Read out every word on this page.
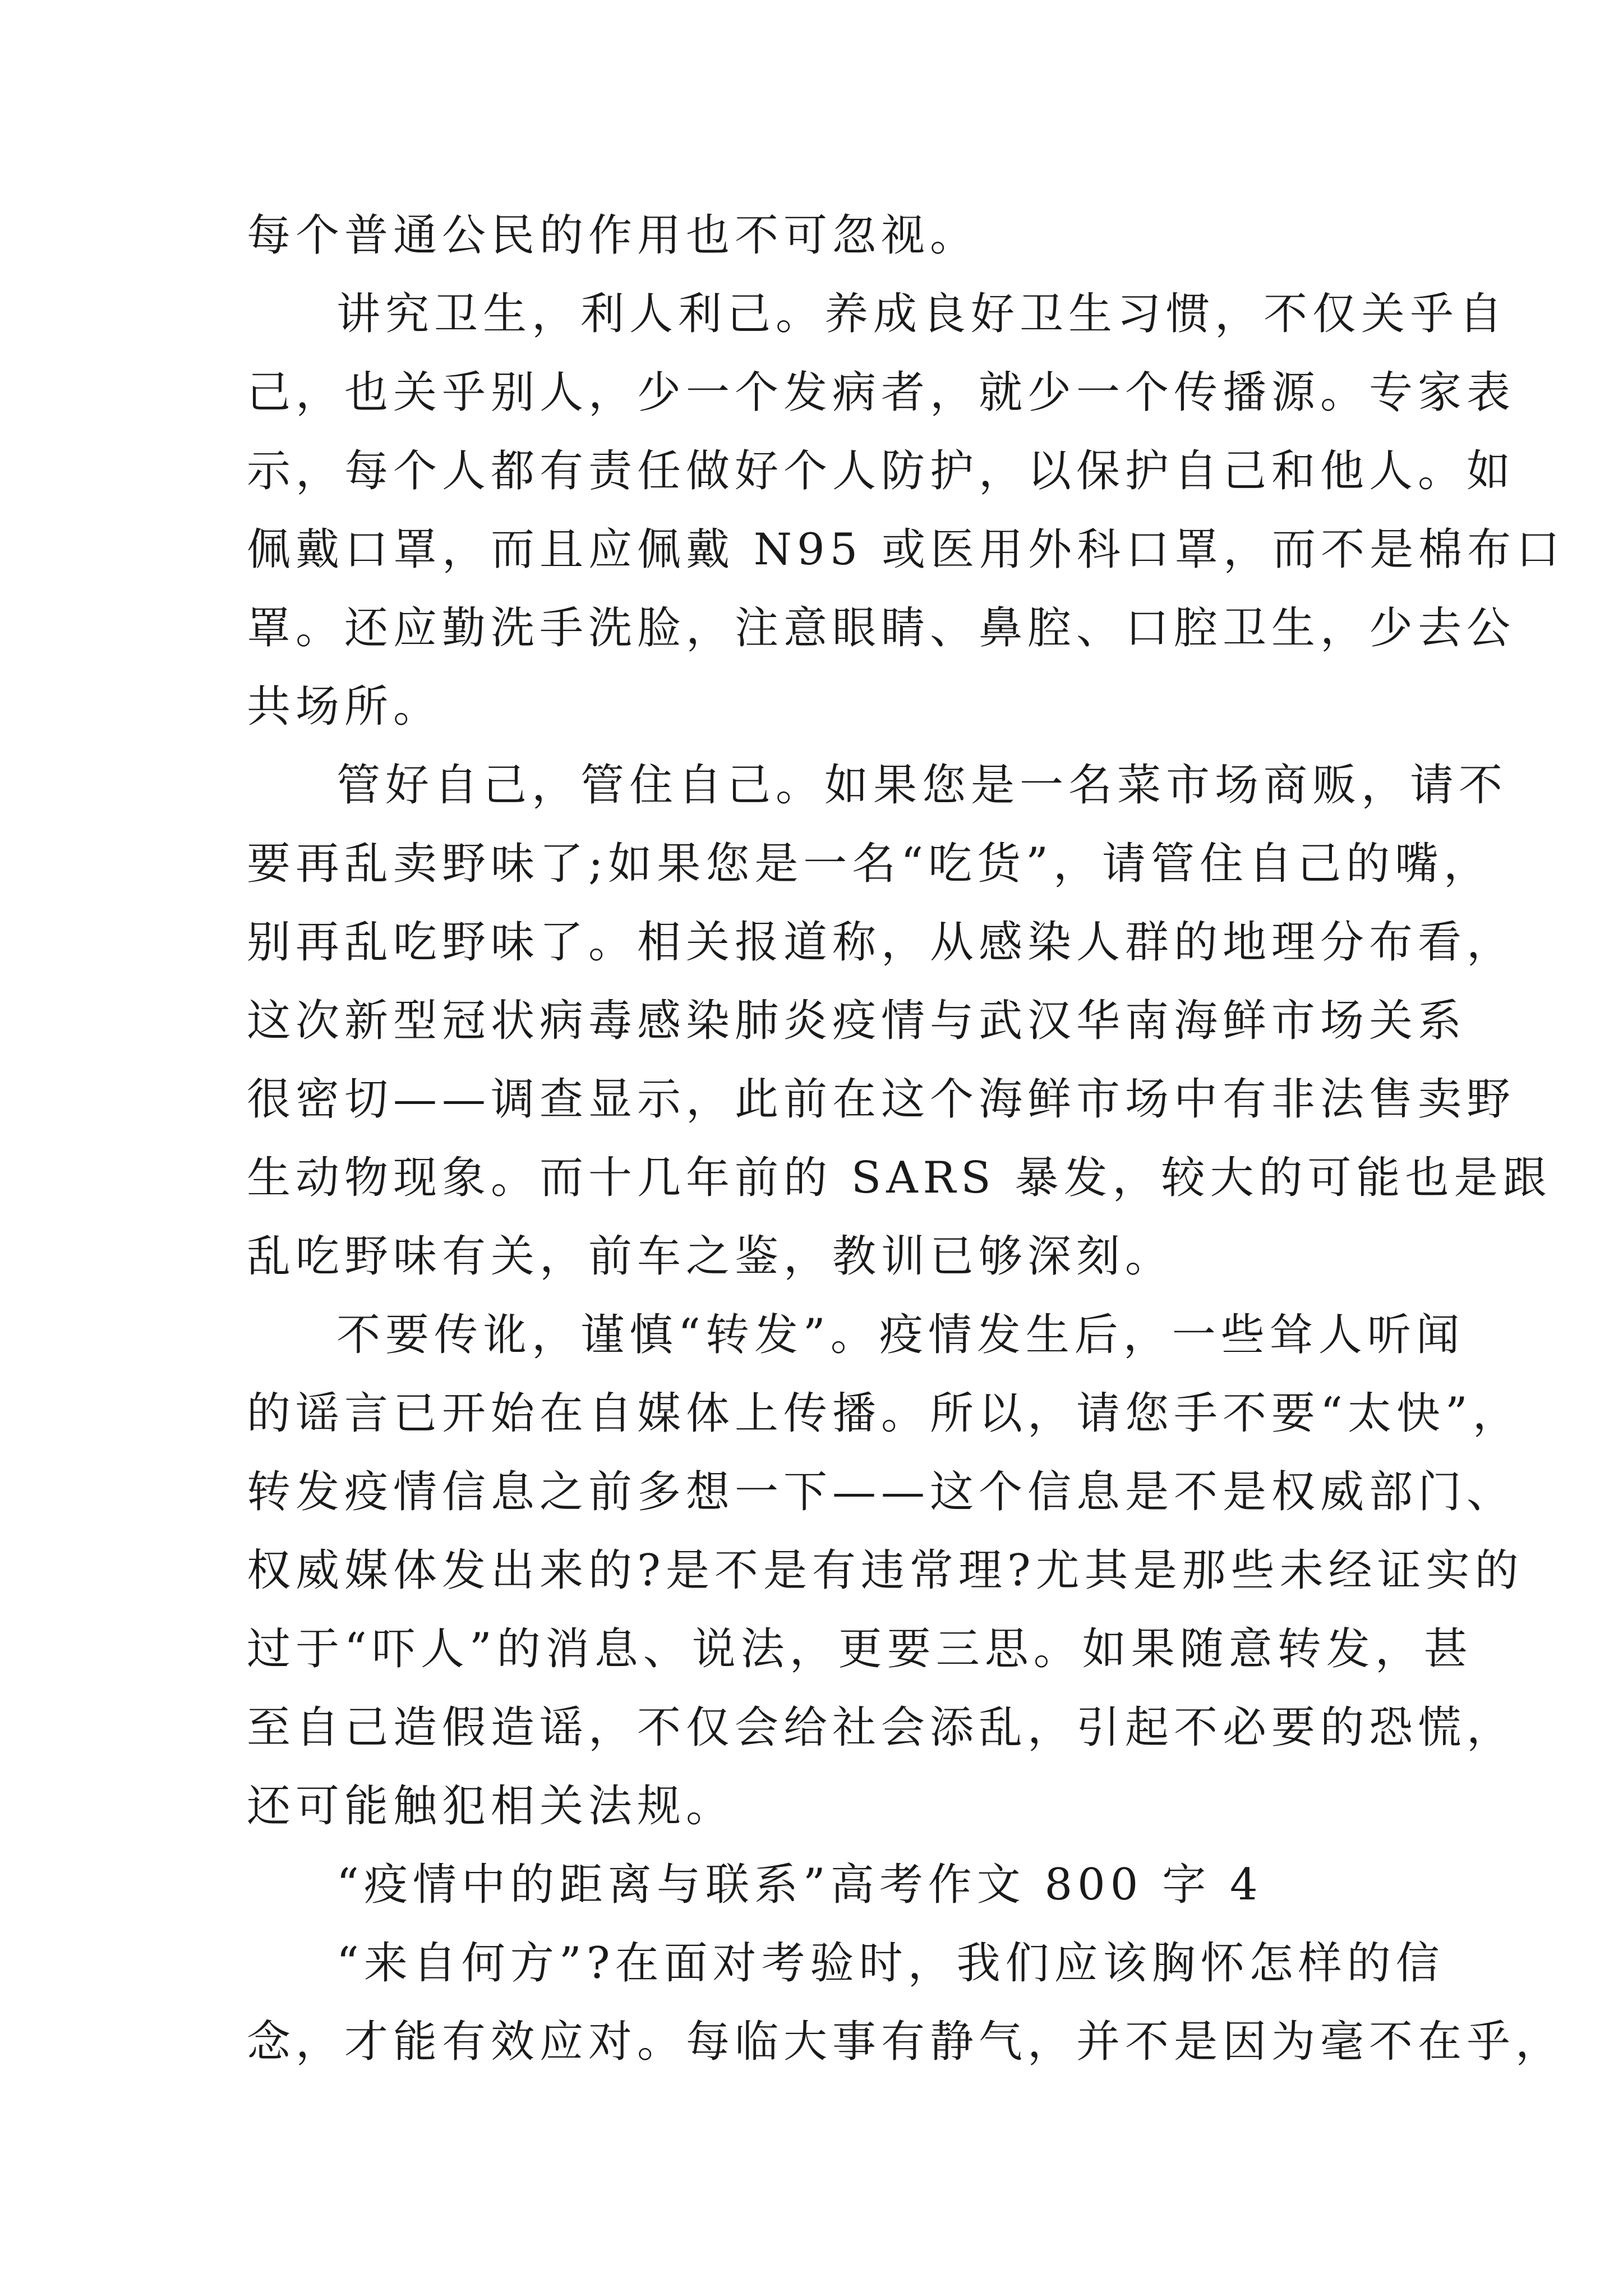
每个普通公民的作用也不可忽视。
讲究卫生，利人利己。养成良好卫生习惯，不仅关乎自
己，也关乎别人，少一个发病者，就少一个传播源。专家表
示，每个人都有责任做好个人防护，以保护自己和他人。如
佩戴口罩，而且应佩戴 N95 或医用外科口罩，而不是棉布口
罩。还应勤洗手洗脸，注意眼睛、鼻腔、口腔卫生，少去公
共场所。
管好自己，管住自己。如果您是一名菜市场商贩，请不
要再乱卖野味了;如果您是一名“吃货”，请管住自己的嘴，
别再乱吃野味了。相关报道称，从感染人群的地理分布看，
这次新型冠状病毒感染肺炎疫情与武汉华南海鲜市场关系
很密切——调查显示，此前在这个海鲜市场中有非法售卖野
生动物现象。而十几年前的 SARS 暴发，较大的可能也是跟
乱吃野味有关，前车之鉴，教训已够深刻。
不要传讹，谨慎“转发”。疫情发生后，一些耸人听闻
的谣言已开始在自媒体上传播。所以，请您手不要“太快”，
转发疫情信息之前多想一下——这个信息是不是权威部门、
权威媒体发出来的?是不是有违常理?尤其是那些未经证实的
过于“吓人”的消息、说法，更要三思。如果随意转发，甚
至自己造假造谣，不仅会给社会添乱，引起不必要的恐慌，
还可能触犯相关法规。
“疫情中的距离与联系”高考作文 800 字 4
“来自何方”?在面对考验时，我们应该胸怀怎样的信
念，才能有效应对。每临大事有静气，并不是因为毫不在乎，
